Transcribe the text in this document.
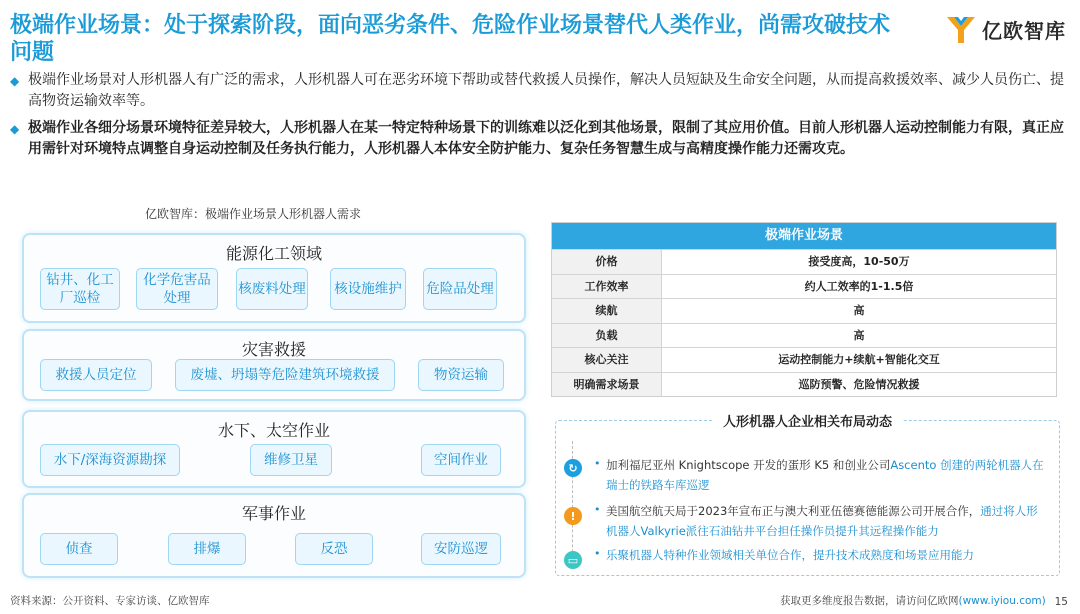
极端作业场景：处于探索阶段，面向恶劣条件、危险作业场景替代人类作业，尚需攻破技术问题
亿欧智库
◆ 极端作业场景对人形机器人有广泛的需求，人形机器人可在恶劣环境下帮助或替代救援人员操作，解决人员短缺及生命安全问题，从而提高救援效率、减少人员伤亡、提高物资运输效率等。
◆ 极端作业各细分场景环境特征差异较大，人形机器人在某一特定特种场景下的训练难以泛化到其他场景，限制了其应用价值。目前人形机器人运动控制能力有限，真正应用需针对环境特点调整自身运动控制及任务执行能力，人形机器人本体安全防护能力、复杂任务智慧生成与高精度操作能力还需攻克。
亿欧智库：极端作业场景人形机器人需求
能源化工领域
钻井、化工厂巡检
化学危害品处理
核废料处理	核设施维护	危险品处理
灾害救援
救援人员定位	废墟、坍塌等危险建筑环境救援	物资运输
水下、太空作业
水下/深海资源勘探	维修卫星	空间作业
军事作业
侦查	排爆	反恐	安防巡逻
极端作业场景
价格	接受度高，10-50万
工作效率	约人工效率的1-1.5倍
续航	高
负载	高
核心关注	运动控制能力+续航+智能化交互
明确需求场景	巡防预警、危险情况救援
人形机器人企业相关布局动态
↻	• 加利福尼亚州 Knightscope 开发的蛋形 K5 和创业公司Ascento 创建的两轮机器人在瑞士的铁路车库巡逻
!	• 美国航空航天局于2023年宣布正与澳大利亚伍德赛德能源公司开展合作，通过将人形机器人Valkyrie派往石油钻井平台担任操作员提升其远程操作能力
▭	• 乐聚机器人特种作业领域相关单位合作，提升技术成熟度和场景应用能力
资料来源：公开资料、专家访谈、亿欧智库	获取更多维度报告数据，请访问亿欧网(www.iyiou.com) 15
